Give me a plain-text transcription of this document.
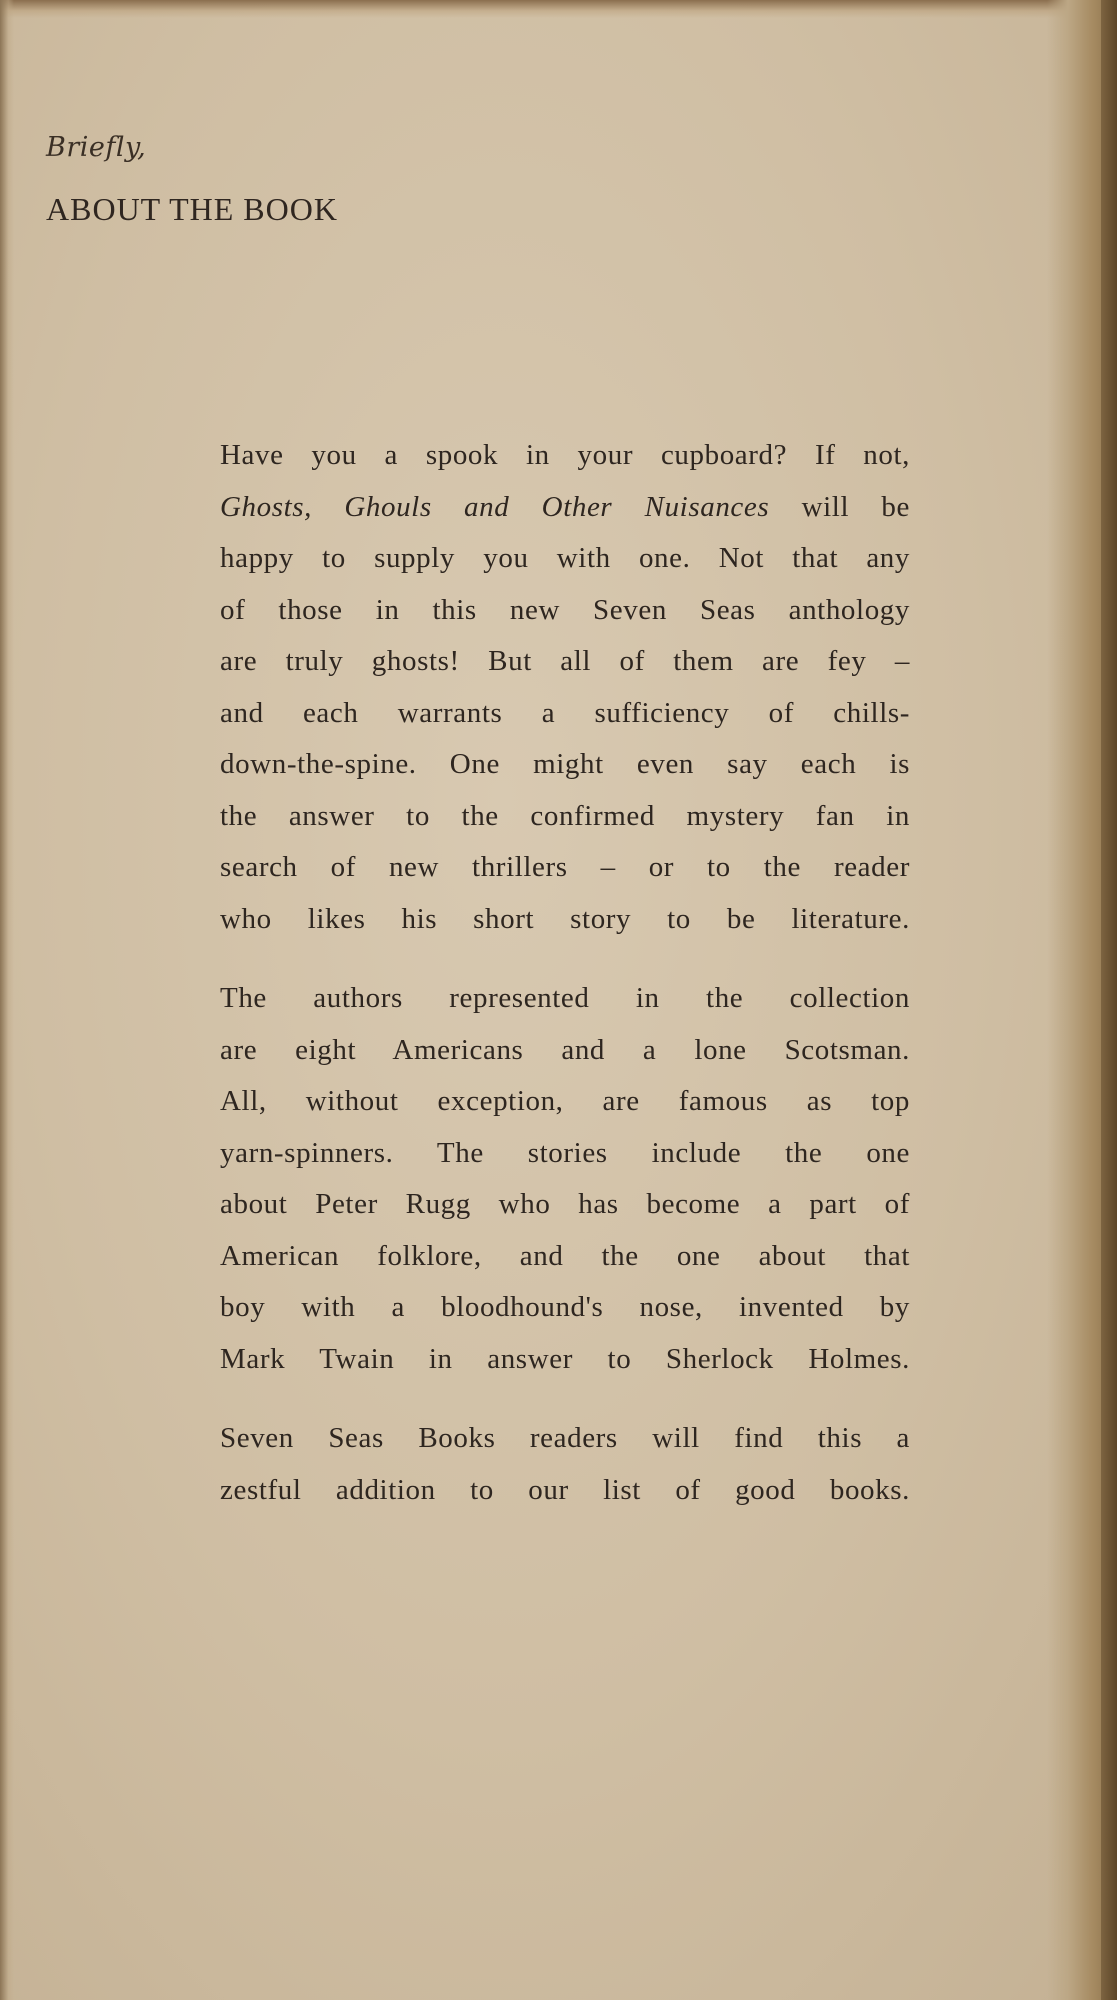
Briefly,
ABOUT THE BOOK

Have you a spook in your cupboard? If not,
Ghosts, Ghouls and Other Nuisances will be
happy to supply you with one. Not that any
of those in this new Seven Seas anthology
are truly ghosts! But all of them are fey –
and each warrants a sufficiency of chills-
down-the-spine. One might even say each is
the answer to the confirmed mystery fan in
search of new thrillers – or to the reader
who likes his short story to be literature.

The authors represented in the collection
are eight Americans and a lone Scotsman.
All, without exception, are famous as top
yarn-spinners. The stories include the one
about Peter Rugg who has become a part of
American folklore, and the one about that
boy with a bloodhound's nose, invented by
Mark Twain in answer to Sherlock Holmes.

Seven Seas Books readers will find this a
zestful addition to our list of good books.
